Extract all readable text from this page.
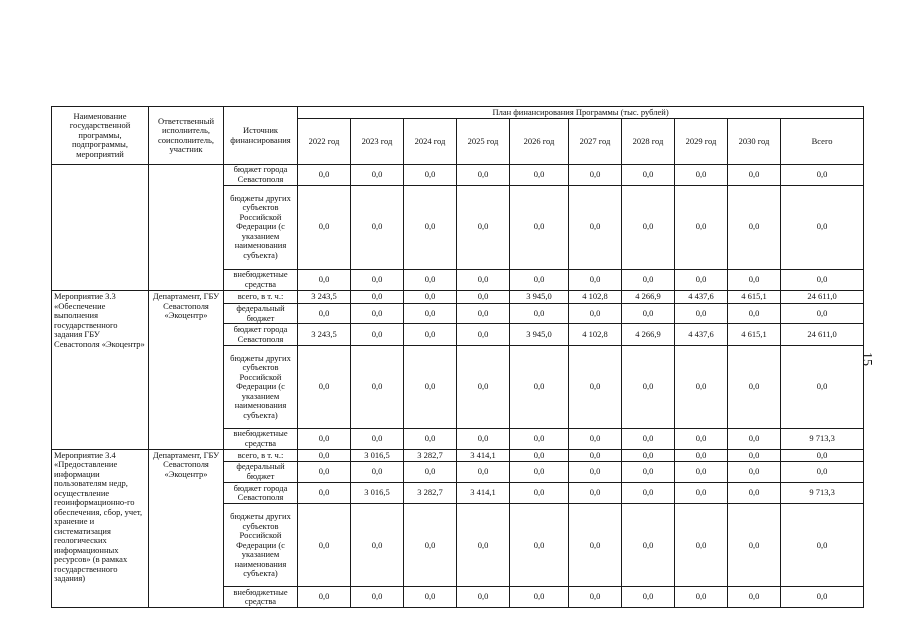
Наименование государственной программы, подпрограммы, мероприятий	Ответственный исполнитель, соисполнитель, участник	Источник финансирования	План финансирования Программы (тыс. рублей)									
			2022 год	2023 год	2024 год	2025 год	2026 год	2027 год	2028 год	2029 год	2030 год	Всего
		бюджет города Севастополя	0,0	0,0	0,0	0,0	0,0	0,0	0,0	0,0	0,0	0,0
		бюджеты других субъектов Российской Федерации (с указанием наименования субъекта)	0,0	0,0	0,0	0,0	0,0	0,0	0,0	0,0	0,0	0,0
		внебюджетные средства	0,0	0,0	0,0	0,0	0,0	0,0	0,0	0,0	0,0	0,0
Мероприятие 3.3 «Обеспечение выполнения государственного задания ГБУ Севастополя «Экоцентр»	Департамент, ГБУ Севастополя «Экоцентр»	всего, в т. ч.:	3 243,5	0,0	0,0	0,0	3 945,0	4 102,8	4 266,9	4 437,6	4 615,1	24 611,0
		федеральный бюджет	0,0	0,0	0,0	0,0	0,0	0,0	0,0	0,0	0,0	0,0
		бюджет города Севастополя	3 243,5	0,0	0,0	0,0	3 945,0	4 102,8	4 266,9	4 437,6	4 615,1	24 611,0
		бюджеты других субъектов Российской Федерации (с указанием наименования субъекта)	0,0	0,0	0,0	0,0	0,0	0,0	0,0	0,0	0,0	0,0
		внебюджетные средства	0,0	0,0	0,0	0,0	0,0	0,0	0,0	0,0	0,0	9 713,3
Мероприятие 3.4 «Предоставление информации пользователям недр, осуществление геоинформационно-го обеспечения, сбор, учет, хранение и систематизация геологических информационных ресурсов» (в рамках государственного задания)	Департамент, ГБУ Севастополя «Экоцентр»	всего, в т. ч.:	0,0	3 016,5	3 282,7	3 414,1	0,0	0,0	0,0	0,0	0,0	0,0
		федеральный бюджет	0,0	0,0	0,0	0,0	0,0	0,0	0,0	0,0	0,0	0,0
		бюджет города Севастополя	0,0	3 016,5	3 282,7	3 414,1	0,0	0,0	0,0	0,0	0,0	9 713,3
		бюджеты других субъектов Российской Федерации (с указанием наименования субъекта)	0,0	0,0	0,0	0,0	0,0	0,0	0,0	0,0	0,0	0,0
		внебюджетные средства	0,0	0,0	0,0	0,0	0,0	0,0	0,0	0,0	0,0	0,0
15
